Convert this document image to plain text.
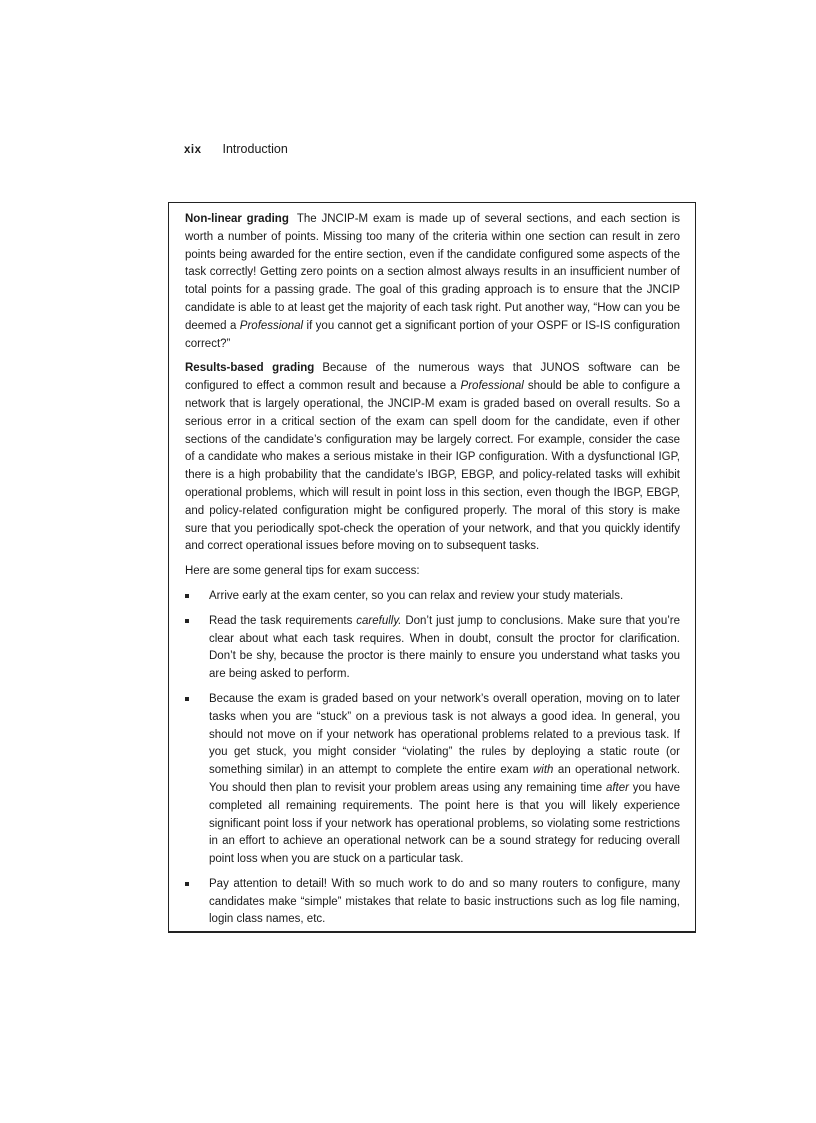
xix Introduction

Non-linear grading The JNCIP-M exam is made up of several sections, and each section is worth a number of points. Missing too many of the criteria within one section can result in zero points being awarded for the entire section, even if the candidate configured some aspects of the task correctly! Getting zero points on a section almost always results in an insufficient number of total points for a passing grade. The goal of this grading approach is to ensure that the JNCIP candidate is able to at least get the majority of each task right. Put another way, “How can you be deemed a Professional if you cannot get a significant portion of your OSPF or IS-IS configuration correct?”

Results-based grading Because of the numerous ways that JUNOS software can be configured to effect a common result and because a Professional should be able to configure a network that is largely operational, the JNCIP-M exam is graded based on overall results. So a serious error in a critical section of the exam can spell doom for the candidate, even if other sections of the candidate’s configuration may be largely correct. For example, consider the case of a candidate who makes a serious mistake in their IGP configuration. With a dysfunctional IGP, there is a high probability that the candidate’s IBGP, EBGP, and policy-related tasks will exhibit operational problems, which will result in point loss in this section, even though the IBGP, EBGP, and policy-related configuration might be configured properly. The moral of this story is make sure that you periodically spot-check the operation of your network, and that you quickly identify and correct operational issues before moving on to subsequent tasks.

Here are some general tips for exam success:

Arrive early at the exam center, so you can relax and review your study materials.
Read the task requirements carefully. Don’t just jump to conclusions. Make sure that you’re clear about what each task requires. When in doubt, consult the proctor for clarification. Don’t be shy, because the proctor is there mainly to ensure you understand what tasks you are being asked to perform.
Because the exam is graded based on your network’s overall operation, moving on to later tasks when you are “stuck” on a previous task is not always a good idea. In general, you should not move on if your network has operational problems related to a previous task. If you get stuck, you might consider “violating” the rules by deploying a static route (or something similar) in an attempt to complete the entire exam with an operational network. You should then plan to revisit your problem areas using any remaining time after you have completed all remaining requirements. The point here is that you will likely experience significant point loss if your network has operational problems, so violating some restrictions in an effort to achieve an operational network can be a sound strategy for reducing overall point loss when you are stuck on a particular task.
Pay attention to detail! With so much work to do and so many routers to configure, many candidates make “simple” mistakes that relate to basic instructions such as log file naming, login class names, etc.
